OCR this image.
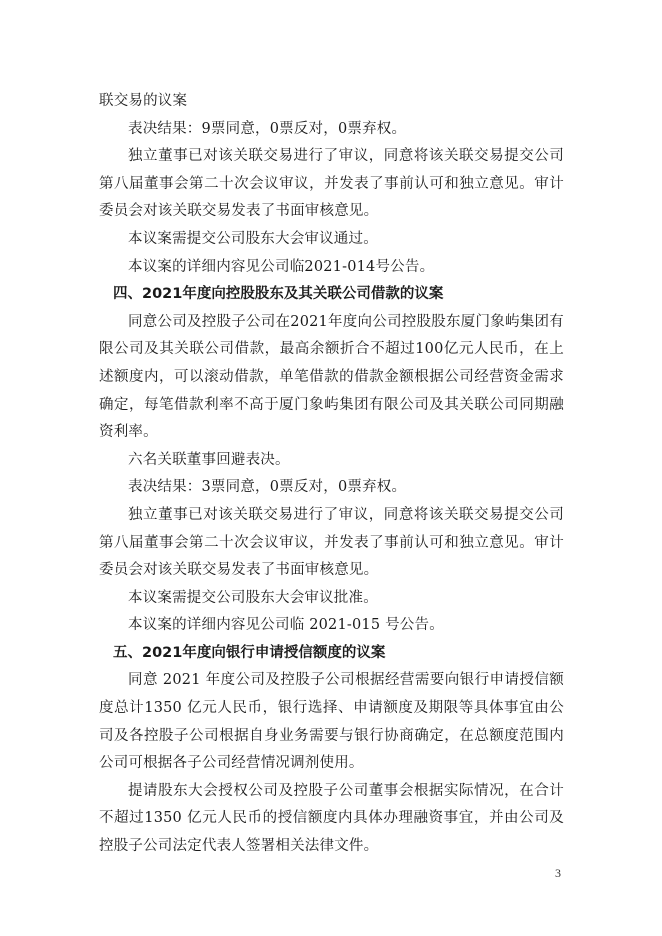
联交易的议案

表决结果：9票同意，0票反对，0票弃权。

独立董事已对该关联交易进行了审议，同意将该关联交易提交公司第八届董事会第二十次会议审议，并发表了事前认可和独立意见。审计委员会对该关联交易发表了书面审核意见。

本议案需提交公司股东大会审议通过。

本议案的详细内容见公司临2021-014号公告。

四、2021年度向控股股东及其关联公司借款的议案

同意公司及控股子公司在2021年度向公司控股股东厦门象屿集团有限公司及其关联公司借款，最高余额折合不超过100亿元人民币，在上述额度内，可以滚动借款，单笔借款的借款金额根据公司经营资金需求确定，每笔借款利率不高于厦门象屿集团有限公司及其关联公司同期融资利率。

六名关联董事回避表决。

表决结果：3票同意，0票反对，0票弃权。

独立董事已对该关联交易进行了审议，同意将该关联交易提交公司第八届董事会第二十次会议审议，并发表了事前认可和独立意见。审计委员会对该关联交易发表了书面审核意见。

本议案需提交公司股东大会审议批准。

本议案的详细内容见公司临 2021-015 号公告。

五、2021年度向银行申请授信额度的议案

同意 2021 年度公司及控股子公司根据经营需要向银行申请授信额度总计1350 亿元人民币，银行选择、申请额度及期限等具体事宜由公司及各控股子公司根据自身业务需要与银行协商确定，在总额度范围内公司可根据各子公司经营情况调剂使用。

提请股东大会授权公司及控股子公司董事会根据实际情况，在合计不超过1350 亿元人民币的授信额度内具体办理融资事宜，并由公司及控股子公司法定代表人签署相关法律文件。

3
